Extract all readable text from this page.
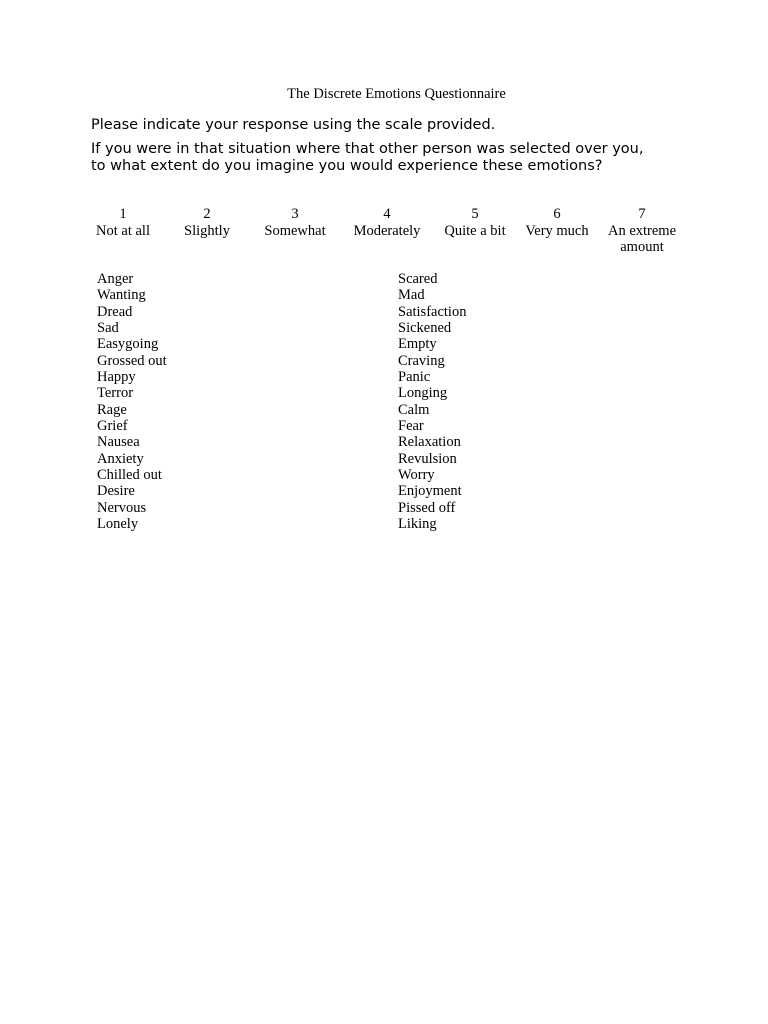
The Discrete Emotions Questionnaire
Please indicate your response using the scale provided.
If you were in that situation where that other person was selected over you,
to what extent do you imagine you would experience these emotions?
1
Not at all
2
Slightly
3
Somewhat
4
Moderately
5
Quite a bit
6
Very much
7
An extreme
amount
Anger
Wanting
Dread
Sad
Easygoing
Grossed out
Happy
Terror
Rage
Grief
Nausea
Anxiety
Chilled out
Desire
Nervous
Lonely
Scared
Mad
Satisfaction
Sickened
Empty
Craving
Panic
Longing
Calm
Fear
Relaxation
Revulsion
Worry
Enjoyment
Pissed off
Liking
